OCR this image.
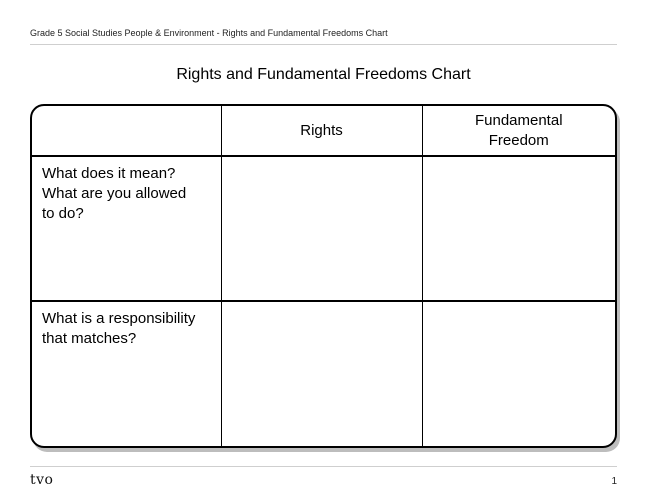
Grade 5 Social Studies People & Environment - Rights and Fundamental Freedoms Chart
Rights and Fundamental Freedoms Chart
	Rights	Fundamental
Freedom

What does it mean?
What are you allowed
to do?		

What is a responsibility
that matches?		

tvo	1
